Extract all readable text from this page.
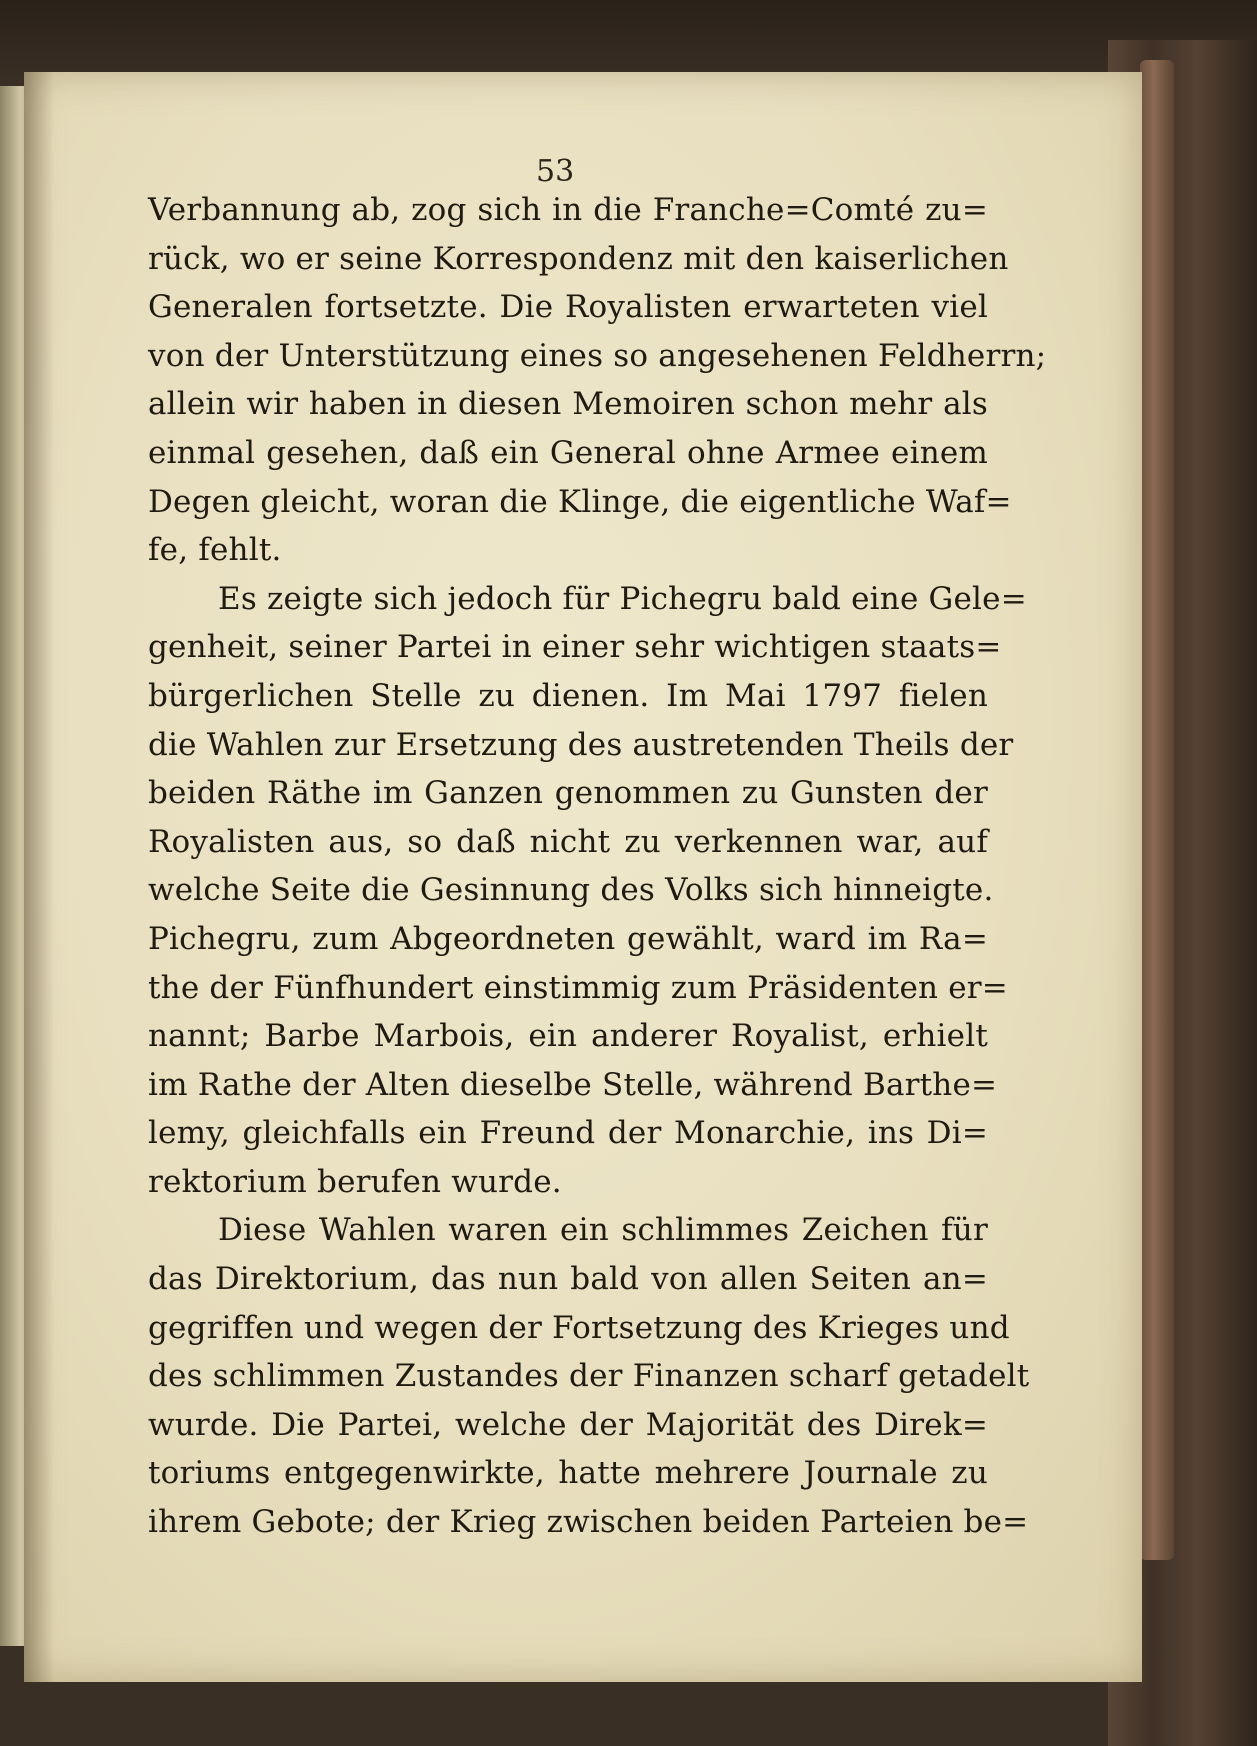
53
Verbannung ab, zog sich in die Franche=Comté zu=
rück, wo er seine Korrespondenz mit den kaiserlichen
Generalen fortsetzte. Die Royalisten erwarteten viel
von der Unterstützung eines so angesehenen Feldherrn;
allein wir haben in diesen Memoiren schon mehr als
einmal gesehen, daß ein General ohne Armee einem
Degen gleicht, woran die Klinge, die eigentliche Waf=
fe, fehlt.
Es zeigte sich jedoch für Pichegru bald eine Gele=
genheit, seiner Partei in einer sehr wichtigen staats=
bürgerlichen Stelle zu dienen. Im Mai 1797 fielen
die Wahlen zur Ersetzung des austretenden Theils der
beiden Räthe im Ganzen genommen zu Gunsten der
Royalisten aus, so daß nicht zu verkennen war, auf
welche Seite die Gesinnung des Volks sich hinneigte.
Pichegru, zum Abgeordneten gewählt, ward im Ra=
the der Fünfhundert einstimmig zum Präsidenten er=
nannt; Barbe Marbois, ein anderer Royalist, erhielt
im Rathe der Alten dieselbe Stelle, während Barthe=
lemy, gleichfalls ein Freund der Monarchie, ins Di=
rektorium berufen wurde.
Diese Wahlen waren ein schlimmes Zeichen für
das Direktorium, das nun bald von allen Seiten an=
gegriffen und wegen der Fortsetzung des Krieges und
des schlimmen Zustandes der Finanzen scharf getadelt
wurde. Die Partei, welche der Majorität des Direk=
toriums entgegenwirkte, hatte mehrere Journale zu
ihrem Gebote; der Krieg zwischen beiden Parteien be=
